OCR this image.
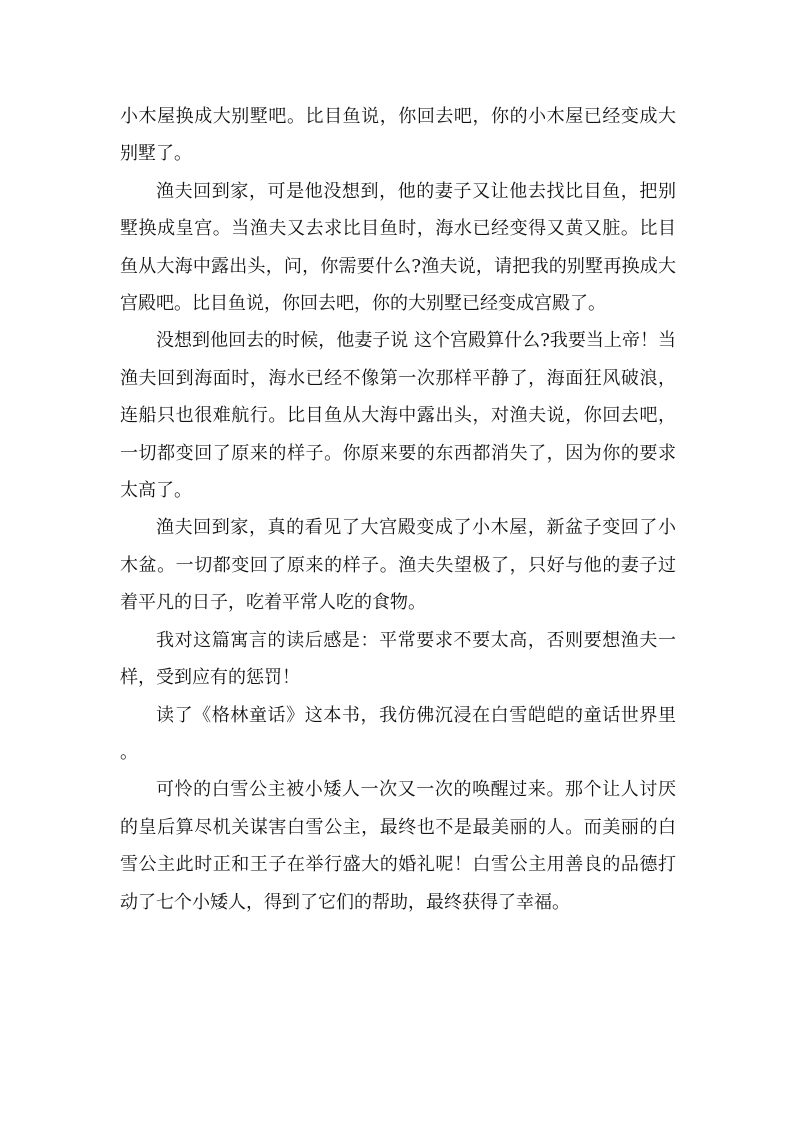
小木屋换成大别墅吧。比目鱼说，你回去吧，你的小木屋已经变成大别墅了。

渔夫回到家，可是他没想到，他的妻子又让他去找比目鱼，把别墅换成皇宫。当渔夫又去求比目鱼时，海水已经变得又黄又脏。比目鱼从大海中露出头，问，你需要什么?渔夫说，请把我的别墅再换成大宫殿吧。比目鱼说，你回去吧，你的大别墅已经变成宫殿了。

没想到他回去的时候，他妻子说 这个宫殿算什么?我要当上帝！当渔夫回到海面时，海水已经不像第一次那样平静了，海面狂风破浪，连船只也很难航行。比目鱼从大海中露出头，对渔夫说，你回去吧，一切都变回了原来的样子。你原来要的东西都消失了，因为你的要求太高了。

渔夫回到家，真的看见了大宫殿变成了小木屋，新盆子变回了小木盆。一切都变回了原来的样子。渔夫失望极了，只好与他的妻子过着平凡的日子，吃着平常人吃的食物。

我对这篇寓言的读后感是：平常要求不要太高，否则要想渔夫一样，受到应有的惩罚！

读了《格林童话》这本书，我仿佛沉浸在白雪皑皑的童话世界里。

可怜的白雪公主被小矮人一次又一次的唤醒过来。那个让人讨厌的皇后算尽机关谋害白雪公主，最终也不是最美丽的人。而美丽的白雪公主此时正和王子在举行盛大的婚礼呢！白雪公主用善良的品德打动了七个小矮人，得到了它们的帮助，最终获得了幸福。
